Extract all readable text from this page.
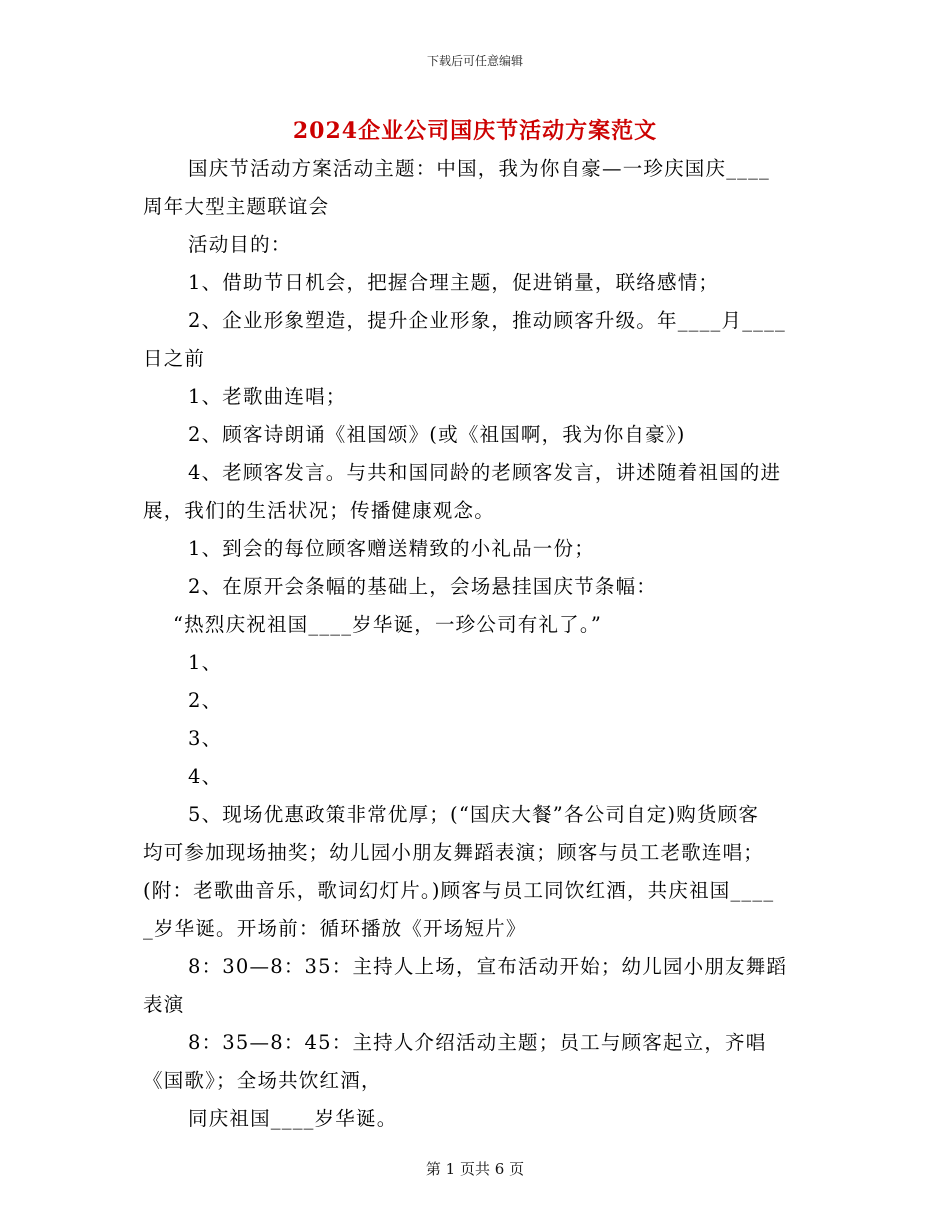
下载后可任意编辑
2024企业公司国庆节活动方案范文

国庆节活动方案活动主题：中国，我为你自豪—一珍庆国庆____

周年大型主题联谊会

活动目的：

1、借助节日机会，把握合理主题，促进销量，联络感情；

2、企业形象塑造，提升企业形象，推动顾客升级。年____月____

日之前

1、老歌曲连唱；

2、顾客诗朗诵《祖国颂》(或《祖国啊，我为你自豪》)

4、老顾客发言。与共和国同龄的老顾客发言，讲述随着祖国的进

展，我们的生活状况；传播健康观念。

1、到会的每位顾客赠送精致的小礼品一份；

2、在原开会条幅的基础上，会场悬挂国庆节条幅：

“热烈庆祝祖国____岁华诞，一珍公司有礼了。”

1、

2、

3、

4、

5、现场优惠政策非常优厚；(“国庆大餐”各公司自定)购货顾客

均可参加现场抽奖；幼儿园小朋友舞蹈表演；顾客与员工老歌连唱；

(附：老歌曲音乐，歌词幻灯片。)顾客与员工同饮红酒，共庆祖国____

_岁华诞。开场前：循环播放《开场短片》

8：30—8：35：主持人上场，宣布活动开始；幼儿园小朋友舞蹈

表演

8：35—8：45：主持人介绍活动主题；员工与顾客起立，齐唱

《国歌》；全场共饮红酒，

同庆祖国____岁华诞。

第 1 页共 6 页
